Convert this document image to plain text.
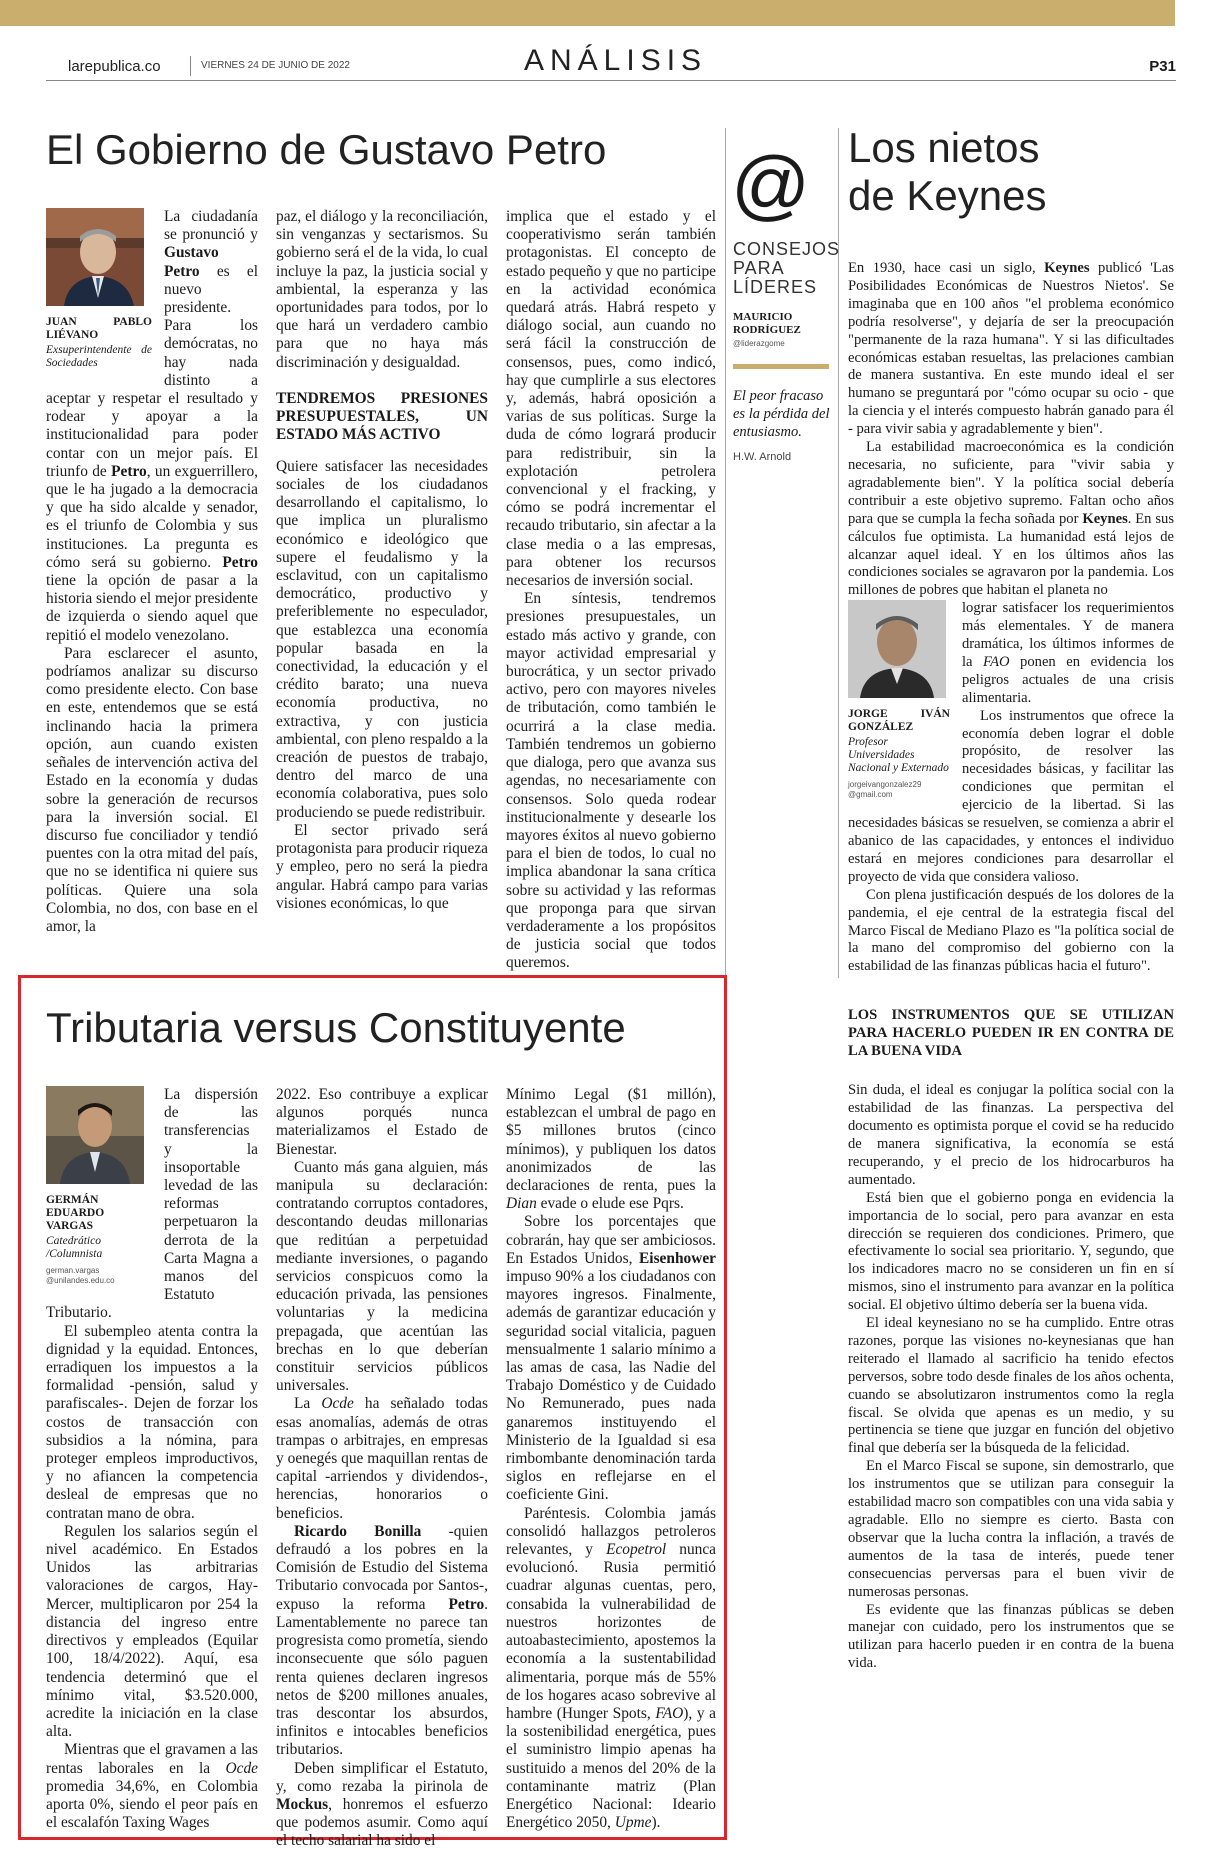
larepublica.co	VIERNES 24 DE JUNIO DE 2022	ANÁLISIS	P31
El Gobierno de Gustavo Petro
JUAN PABLO LIÉVANO
Exsuperintendente de Sociedades

La ciudadanía se pronunció y Gustavo Petro es el nuevo presidente. Para los demócratas, no hay nada distinto a aceptar y respetar el resultado y rodear y apoyar a la institucionalidad para poder contar con un mejor país. El triunfo de Petro, un exguerrillero, que le ha jugado a la democracia y que ha sido alcalde y senador, es el triunfo de Colombia y sus instituciones. La pregunta es cómo será su gobierno. Petro tiene la opción de pasar a la historia siendo el mejor presidente de izquierda o siendo aquel que repitió el modelo venezolano.

Para esclarecer el asunto, podríamos analizar su discurso como presidente electo. Con base en este, entendemos que se está inclinando hacia la primera opción, aun cuando existen señales de intervención activa del Estado en la economía y dudas sobre la generación de recursos para la inversión social. El discurso fue conciliador y tendió puentes con la otra mitad del país, que no se identifica ni quiere sus políticas. Quiere una sola Colombia, no dos, con base en el amor, la

paz, el diálogo y la reconciliación, sin venganzas y sectarismos. Su gobierno será el de la vida, lo cual incluye la paz, la justicia social y ambiental, la esperanza y las oportunidades para todos, por lo que hará un verdadero cambio para que no haya más discriminación y desigualdad.

TENDREMOS PRESIONES PRESUPUESTALES, UN ESTADO MÁS ACTIVO

Quiere satisfacer las necesidades sociales de los ciudadanos desarrollando el capitalismo, lo que implica un pluralismo económico e ideológico que supere el feudalismo y la esclavitud, con un capitalismo democrático, productivo y preferiblemente no especulador, que establezca una economía popular basada en la conectividad, la educación y el crédito barato; una nueva economía productiva, no extractiva, y con justicia ambiental, con pleno respaldo a la creación de puestos de trabajo, dentro del marco de una economía colaborativa, pues solo produciendo se puede redistribuir.

El sector privado será protagonista para producir riqueza y empleo, pero no será la piedra angular. Habrá campo para varias visiones económicas, lo que

implica que el estado y el cooperativismo serán también protagonistas. El concepto de estado pequeño y que no participe en la actividad económica quedará atrás. Habrá respeto y diálogo social, aun cuando no será fácil la construcción de consensos, pues, como indicó, hay que cumplirle a sus electores y, además, habrá oposición a varias de sus políticas. Surge la duda de cómo logrará producir para redistribuir, sin la explotación petrolera convencional y el fracking, y cómo se podrá incrementar el recaudo tributario, sin afectar a la clase media o a las empresas, para obtener los recursos necesarios de inversión social.

En síntesis, tendremos presiones presupuestales, un estado más activo y grande, con mayor actividad empresarial y burocrática, y un sector privado activo, pero con mayores niveles de tributación, como también le ocurrirá a la clase media. También tendremos un gobierno que dialoga, pero que avanza sus agendas, no necesariamente con consensos. Solo queda rodear institucionalmente y desearle los mayores éxitos al nuevo gobierno para el bien de todos, lo cual no implica abandonar la sana crítica sobre su actividad y las reformas que proponga para que sirvan verdaderamente a los propósitos de justicia social que todos queremos.

@
CONSEJOS PARA LÍDERES
MAURICIO RODRÍGUEZ
@liderazgome
El peor fracaso es la pérdida del entusiasmo.
H.W. Arnold
Los nietos
de Keynes

En 1930, hace casi un siglo, Keynes publicó 'Las Posibilidades Económicas de Nuestros Nietos'. Se imaginaba que en 100 años "el problema económico podría resolverse", y dejaría de ser la preocupación "permanente de la raza humana". Y si las dificultades económicas estaban resueltas, las prelaciones cambian de manera sustantiva. En este mundo ideal el ser humano se preguntará por "cómo ocupar su ocio - que la ciencia y el interés compuesto habrán ganado para él - para vivir sabia y agradablemente y bien".

La estabilidad macroeconómica es la condición necesaria, no suficiente, para "vivir sabia y agradablemente bien". Y la política social debería contribuir a este objetivo supremo. Faltan ocho años para que se cumpla la fecha soñada por Keynes. En sus cálculos fue optimista. La humanidad está lejos de alcanzar aquel ideal. Y en los últimos años las condiciones sociales se agravaron por la pandemia. Los millones de pobres que habitan el planeta no

JORGE IVÁN GONZÁLEZ
Profesor Universidades Nacional y Externado
jorgeivangonzalez29 @gmail.com

lograr satisfacer los requerimientos más elementales. Y de manera dramática, los últimos informes de la FAO ponen en evidencia los peligros actuales de una crisis alimentaria.

Los instrumentos que ofrece la economía deben lograr el doble propósito, de resolver las necesidades básicas, y facilitar las condiciones que permitan el ejercicio de la libertad. Si las necesidades básicas se resuelven, se comienza a abrir el abanico de las capacidades, y entonces el individuo estará en mejores condiciones para desarrollar el proyecto de vida que considera valioso.

Con plena justificación después de los dolores de la pandemia, el eje central de la estrategia fiscal del Marco Fiscal de Mediano Plazo es "la política social de la mano del compromiso del gobierno con la estabilidad de las finanzas públicas hacia el futuro".

LOS INSTRUMENTOS QUE SE UTILIZAN PARA HACERLO PUEDEN IR EN CONTRA DE LA BUENA VIDA

Sin duda, el ideal es conjugar la política social con la estabilidad de las finanzas. La perspectiva del documento es optimista porque el covid se ha reducido de manera significativa, la economía se está recuperando, y el precio de los hidrocarburos ha aumentado.

Está bien que el gobierno ponga en evidencia la importancia de lo social, pero para avanzar en esta dirección se requieren dos condiciones. Primero, que efectivamente lo social sea prioritario. Y, segundo, que los indicadores macro no se consideren un fin en sí mismos, sino el instrumento para avanzar en la política social. El objetivo último debería ser la buena vida.

El ideal keynesiano no se ha cumplido. Entre otras razones, porque las visiones no-keynesianas que han reiterado el llamado al sacrificio ha tenido efectos perversos, sobre todo desde finales de los años ochenta, cuando se absolutizaron instrumentos como la regla fiscal. Se olvida que apenas es un medio, y su pertinencia se tiene que juzgar en función del objetivo final que debería ser la búsqueda de la felicidad.

En el Marco Fiscal se supone, sin demostrarlo, que los instrumentos que se utilizan para conseguir la estabilidad macro son compatibles con una vida sabia y agradable. Ello no siempre es cierto. Basta con observar que la lucha contra la inflación, a través de aumentos de la tasa de interés, puede tener consecuencias perversas para el buen vivir de numerosas personas.

Es evidente que las finanzas públicas se deben manejar con cuidado, pero los instrumentos que se utilizan para hacerlo pueden ir en contra de la buena vida.

Tributaria versus Constituyente
GERMÁN EDUARDO VARGAS
Catedrático /Columnista
german.vargas @unilandes.edu.co

La dispersión de las transferencias y la insoportable levedad de las reformas perpetuaron la derrota de la Carta Magna a manos del Estatuto Tributario.

El subempleo atenta contra la dignidad y la equidad. Entonces, erradiquen los impuestos a la formalidad -pensión, salud y parafiscales-. Dejen de forzar los costos de transacción con subsidios a la nómina, para proteger empleos improductivos, y no afiancen la competencia desleal de empresas que no contratan mano de obra.

Regulen los salarios según el nivel académico. En Estados Unidos las arbitrarias valoraciones de cargos, Hay-Mercer, multiplicaron por 254 la distancia del ingreso entre directivos y empleados (Equilar 100, 18/4/2022). Aquí, esa tendencia determinó que el mínimo vital, $3.520.000, acredite la iniciación en la clase alta.

Mientras que el gravamen a las rentas laborales en la Ocde promedia 34,6%, en Colombia aporta 0%, siendo el peor país en el escalafón Taxing Wages

2022. Eso contribuye a explicar algunos porqués nunca materializamos el Estado de Bienestar.

Cuanto más gana alguien, más manipula su declaración: contratando corruptos contadores, descontando deudas millonarias que reditúan a perpetuidad mediante inversiones, o pagando servicios conspicuos como la educación privada, las pensiones voluntarias y la medicina prepagada, que acentúan las brechas en lo que deberían constituir servicios públicos universales.

La Ocde ha señalado todas esas anomalías, además de otras trampas o arbitrajes, en empresas y oenegés que maquillan rentas de capital -arriendos y dividendos-, herencias, honorarios o beneficios.

Ricardo Bonilla -quien defraudó a los pobres en la Comisión de Estudio del Sistema Tributario convocada por Santos-, expuso la reforma Petro. Lamentablemente no parece tan progresista como prometía, siendo inconsecuente que sólo paguen renta quienes declaren ingresos netos de $200 millones anuales, tras descontar los absurdos, infinitos e intocables beneficios tributarios.

Deben simplificar el Estatuto, y, como rezaba la pirinola de Mockus, honremos el esfuerzo que podemos asumir. Como aquí el techo salarial ha sido el

Mínimo Legal ($1 millón), establezcan el umbral de pago en $5 millones brutos (cinco mínimos), y publiquen los datos anonimizados de las declaraciones de renta, pues la Dian evade o elude ese Pqrs.

Sobre los porcentajes que cobrarán, hay que ser ambiciosos. En Estados Unidos, Eisenhower impuso 90% a los ciudadanos con mayores ingresos. Finalmente, además de garantizar educación y seguridad social vitalicia, paguen mensualmente 1 salario mínimo a las amas de casa, las Nadie del Trabajo Doméstico y de Cuidado No Remunerado, pues nada ganaremos instituyendo el Ministerio de la Igualdad si esa rimbombante denominación tarda siglos en reflejarse en el coeficiente Gini.

Paréntesis. Colombia jamás consolidó hallazgos petroleros relevantes, y Ecopetrol nunca evolucionó. Rusia permitió cuadrar algunas cuentas, pero, consabida la vulnerabilidad de nuestros horizontes de autoabastecimiento, apostemos la economía a la sustentabilidad alimentaria, porque más de 55% de los hogares acaso sobrevive al hambre (Hunger Spots, FAO), y a la sostenibilidad energética, pues el suministro limpio apenas ha sustituido a menos del 20% de la contaminante matriz (Plan Energético Nacional: Ideario Energético 2050, Upme).
